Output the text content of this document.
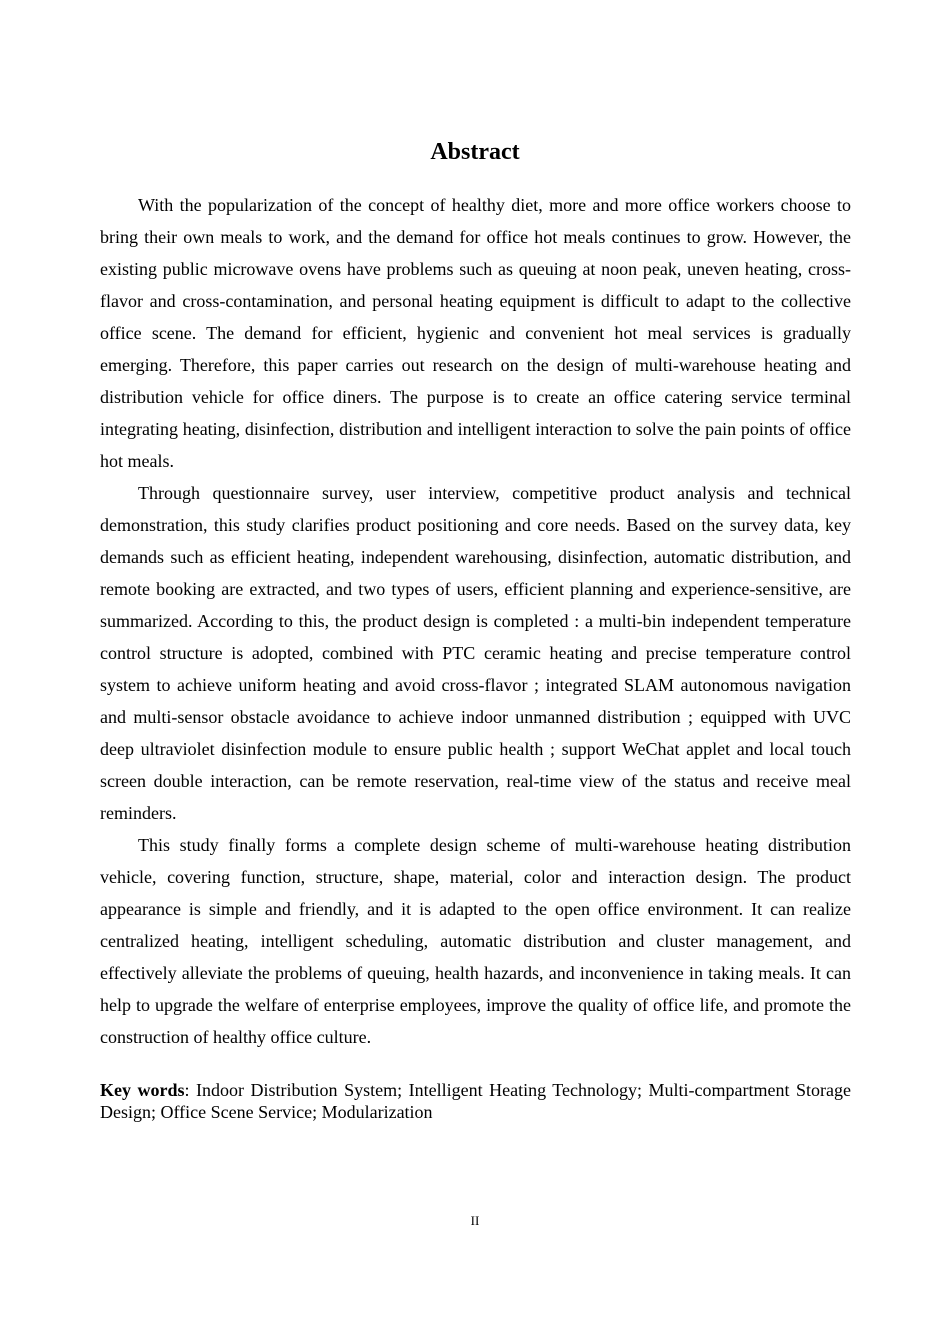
Abstract

With the popularization of the concept of healthy diet, more and more office workers choose to bring their own meals to work, and the demand for office hot meals continues to grow. However, the existing public microwave ovens have problems such as queuing at noon peak, uneven heating, cross-flavor and cross-contamination, and personal heating equipment is difficult to adapt to the collective office scene. The demand for efficient, hygienic and convenient hot meal services is gradually emerging. Therefore, this paper carries out research on the design of multi-warehouse heating and distribution vehicle for office diners. The purpose is to create an office catering service terminal integrating heating, disinfection, distribution and intelligent interaction to solve the pain points of office hot meals.

Through questionnaire survey, user interview, competitive product analysis and technical demonstration, this study clarifies product positioning and core needs. Based on the survey data, key demands such as efficient heating, independent warehousing, disinfection, automatic distribution, and remote booking are extracted, and two types of users, efficient planning and experience-sensitive, are summarized. According to this, the product design is completed : a multi-bin independent temperature control structure is adopted, combined with PTC ceramic heating and precise temperature control system to achieve uniform heating and avoid cross-flavor ; integrated SLAM autonomous navigation and multi-sensor obstacle avoidance to achieve indoor unmanned distribution ; equipped with UVC deep ultraviolet disinfection module to ensure public health ; support WeChat applet and local touch screen double interaction, can be remote reservation, real-time view of the status and receive meal reminders.

This study finally forms a complete design scheme of multi-warehouse heating distribution vehicle, covering function, structure, shape, material, color and interaction design. The product appearance is simple and friendly, and it is adapted to the open office environment. It can realize centralized heating, intelligent scheduling, automatic distribution and cluster management, and effectively alleviate the problems of queuing, health hazards, and inconvenience in taking meals. It can help to upgrade the welfare of enterprise employees, improve the quality of office life, and promote the construction of healthy office culture.

Key words: Indoor Distribution System; Intelligent Heating Technology; Multi-compartment Storage Design; Office Scene Service; Modularization

II
